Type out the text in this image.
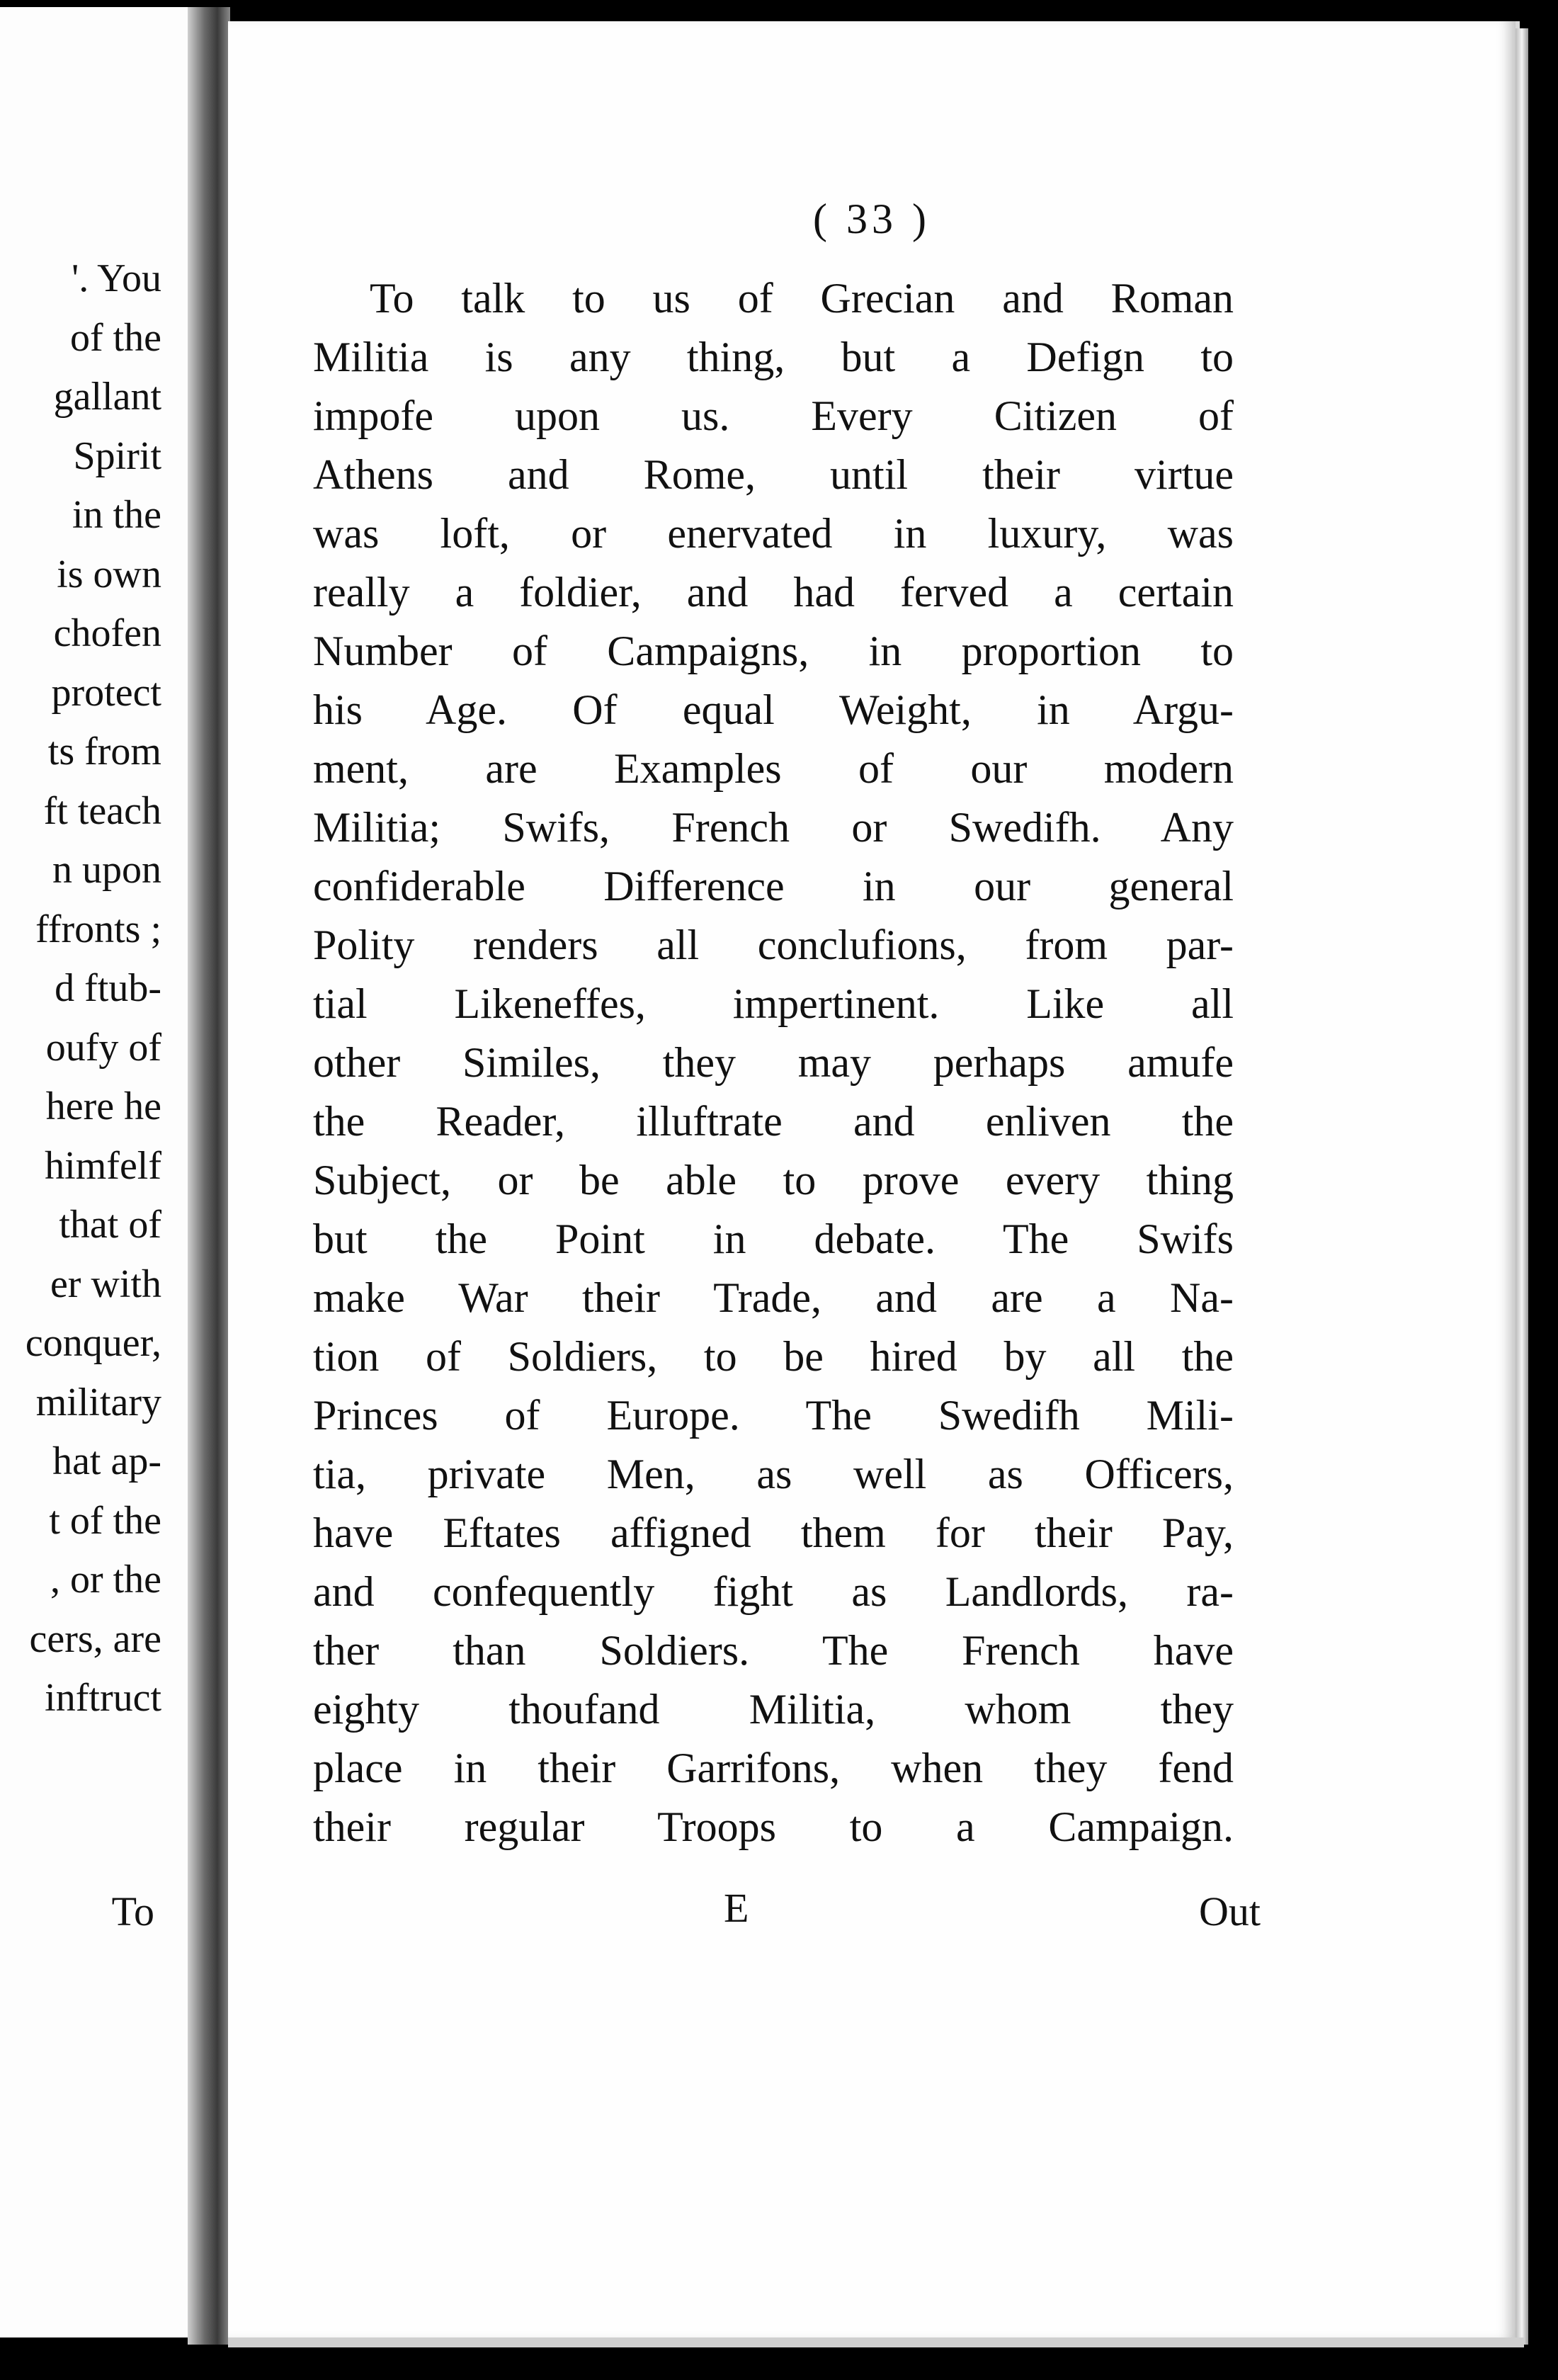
'. You
of the
gallant
Spirit
in the
is own
chofen
protect
ts from
ft teach
n upon
ffronts ;
d ftub-
oufy of
here he
himfelf
that of
er with
conquer,
military
hat ap-
t of the
, or the
cers, are
inftruct
To
( 33 )
To talk to us of Grecian and Roman
Militia is any thing, but a Defign to
impofe upon us. Every Citizen of
Athens and Rome, until their virtue
was loft, or enervated in luxury, was
really a foldier, and had ferved a certain
Number of Campaigns, in proportion to
his Age. Of equal Weight, in Argu-
ment, are Examples of our modern
Militia; Swifs, French or Swedifh. Any
confiderable Difference in our general
Polity renders all conclufions, from par-
tial Likeneffes, impertinent. Like all
other Similes, they may perhaps amufe
the Reader, illuftrate and enliven the
Subject, or be able to prove every thing
but the Point in debate. The Swifs
make War their Trade, and are a Na-
tion of Soldiers, to be hired by all the
Princes of Europe. The Swedifh Mili-
tia, private Men, as well as Officers,
have Eftates affigned them for their Pay,
and confequently fight as Landlords, ra-
ther than Soldiers. The French have
eighty thoufand Militia, whom they
place in their Garrifons, when they fend
their regular Troops to a Campaign.
E	Out
